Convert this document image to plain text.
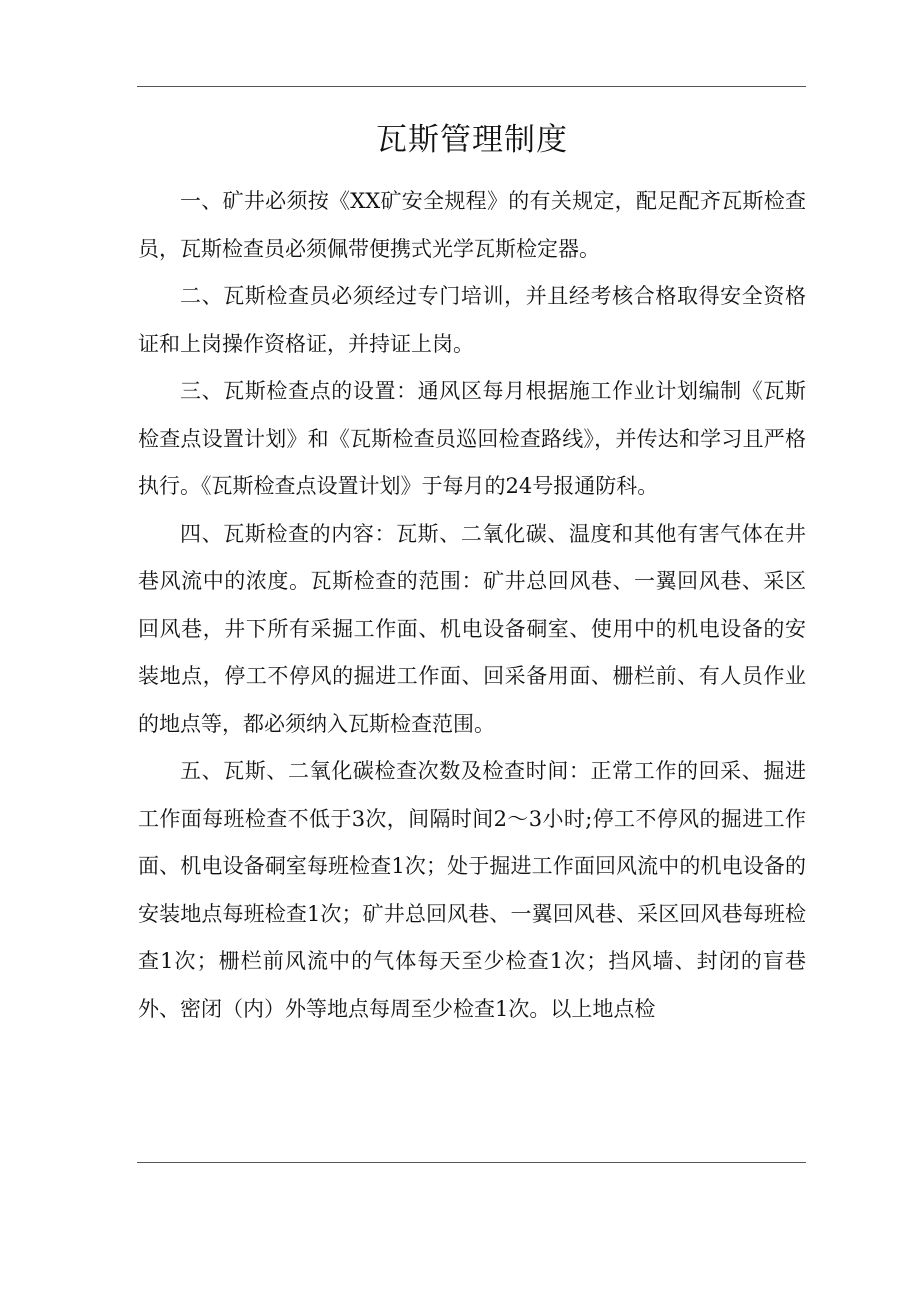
瓦斯管理制度

一、矿井必须按《XX矿安全规程》的有关规定，配足配齐瓦斯检查员，瓦斯检查员必须佩带便携式光学瓦斯检定器。

二、瓦斯检查员必须经过专门培训，并且经考核合格取得安全资格证和上岗操作资格证，并持证上岗。

三、瓦斯检查点的设置：通风区每月根据施工作业计划编制《瓦斯检查点设置计划》和《瓦斯检查员巡回检查路线》，并传达和学习且严格执行。《瓦斯检查点设置计划》于每月的24号报通防科。

四、瓦斯检查的内容：瓦斯、二氧化碳、温度和其他有害气体在井巷风流中的浓度。瓦斯检查的范围：矿井总回风巷、一翼回风巷、采区回风巷，井下所有采掘工作面、机电设备硐室、使用中的机电设备的安装地点，停工不停风的掘进工作面、回采备用面、栅栏前、有人员作业的地点等，都必须纳入瓦斯检查范围。

五、瓦斯、二氧化碳检查次数及检查时间：正常工作的回采、掘进工作面每班检查不低于3次，间隔时间2～3小时;停工不停风的掘进工作面、机电设备硐室每班检查1次；处于掘进工作面回风流中的机电设备的安装地点每班检查1次；矿井总回风巷、一翼回风巷、采区回风巷每班检查1次；栅栏前风流中的气体每天至少检查1次；挡风墙、封闭的盲巷外、密闭（内）外等地点每周至少检查1次。以上地点检
